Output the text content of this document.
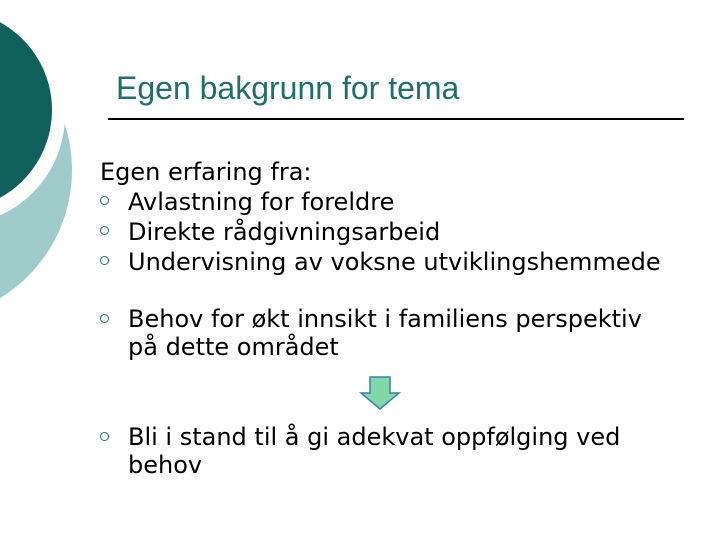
Egen bakgrunn for tema
Egen erfaring fra:
Avlastning for foreldre
Direkte rådgivningsarbeid
Undervisning av voksne utviklingshemmede
Behov for økt innsikt i familiens perspektiv
på dette området
Bli i stand til å gi adekvat oppfølging ved
behov
